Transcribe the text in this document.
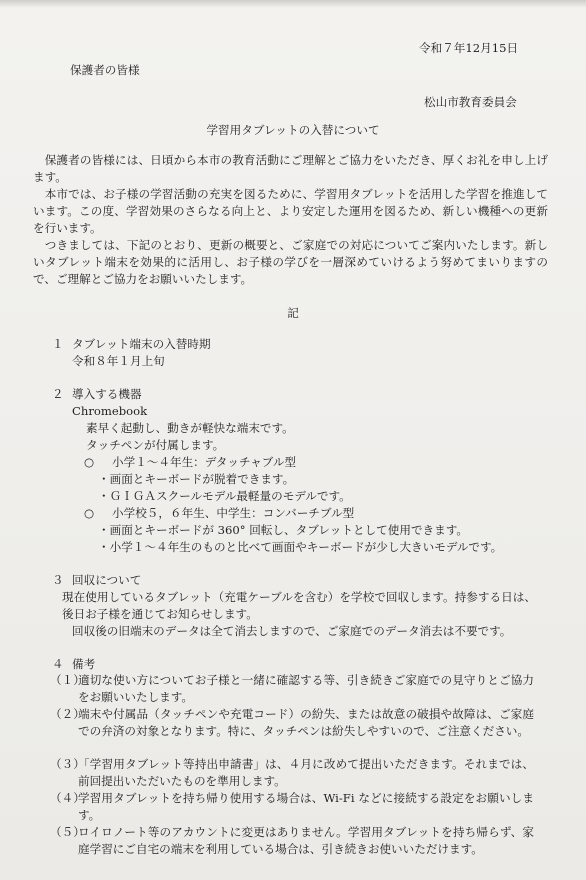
令和７年12月15日
保護者の皆様
松山市教育委員会
学習用タブレットの入替について
　保護者の皆様には、日頃から本市の教育活動にご理解とご協力をいただき、厚くお礼を申し上げます。
　本市では、お子様の学習活動の充実を図るために、学習用タブレットを活用した学習を推進しています。この度、学習効果のさらなる向上と、より安定した運用を図るため、新しい機種への更新を行います。
　つきましては、下記のとおり、更新の概要と、ご家庭での対応についてご案内いたします。新しいタブレット端末を効果的に活用し、お子様の学びを一層深めていけるよう努めてまいりますので、ご理解とご協力をお願いいたします。
記
１ タブレット端末の入替時期
令和８年１月上旬
２ 導入する機器
Chromebook
素早く起動し、動きが軽快な端末です。
タッチペンが付属します。
○ 小学１～４年生：デタッチャブル型
・画面とキーボードが脱着できます。
・ＧＩＧＡスクールモデル最軽量のモデルです。
○ 小学校５，６年生、中学生：コンバーチブル型
・画面とキーボードが 360° 回転し、タブレットとして使用できます。
・小学１～４年生のものと比べて画面やキーボードが少し大きいモデルです。
３ 回収について
現在使用しているタブレット（充電ケーブルを含む）を学校で回収します。持参する日は、後日お子様を通じてお知らせします。
回収後の旧端末のデータは全て消去しますので、ご家庭でのデータ消去は不要です。
４ 備考
（１）
適切な使い方についてお子様と一緒に確認する等、引き続きご家庭での見守りとご協力をお願いいたします。
（２）
端末や付属品（タッチペンや充電コード）の紛失、または故意の破損や故障は、ご家庭での弁済の対象となります。特に、タッチペンは紛失しやすいので、ご注意ください。
（３）
「学習用タブレット等持出申請書」は、４月に改めて提出いただきます。それまでは、前回提出いただいたものを準用します。
（４）
学習用タブレットを持ち帰り使用する場合は、Wi-Fi などに接続する設定をお願いします。
（５）
ロイロノート等のアカウントに変更はありません。学習用タブレットを持ち帰らず、家庭学習にご自宅の端末を利用している場合は、引き続きお使いいただけます。
